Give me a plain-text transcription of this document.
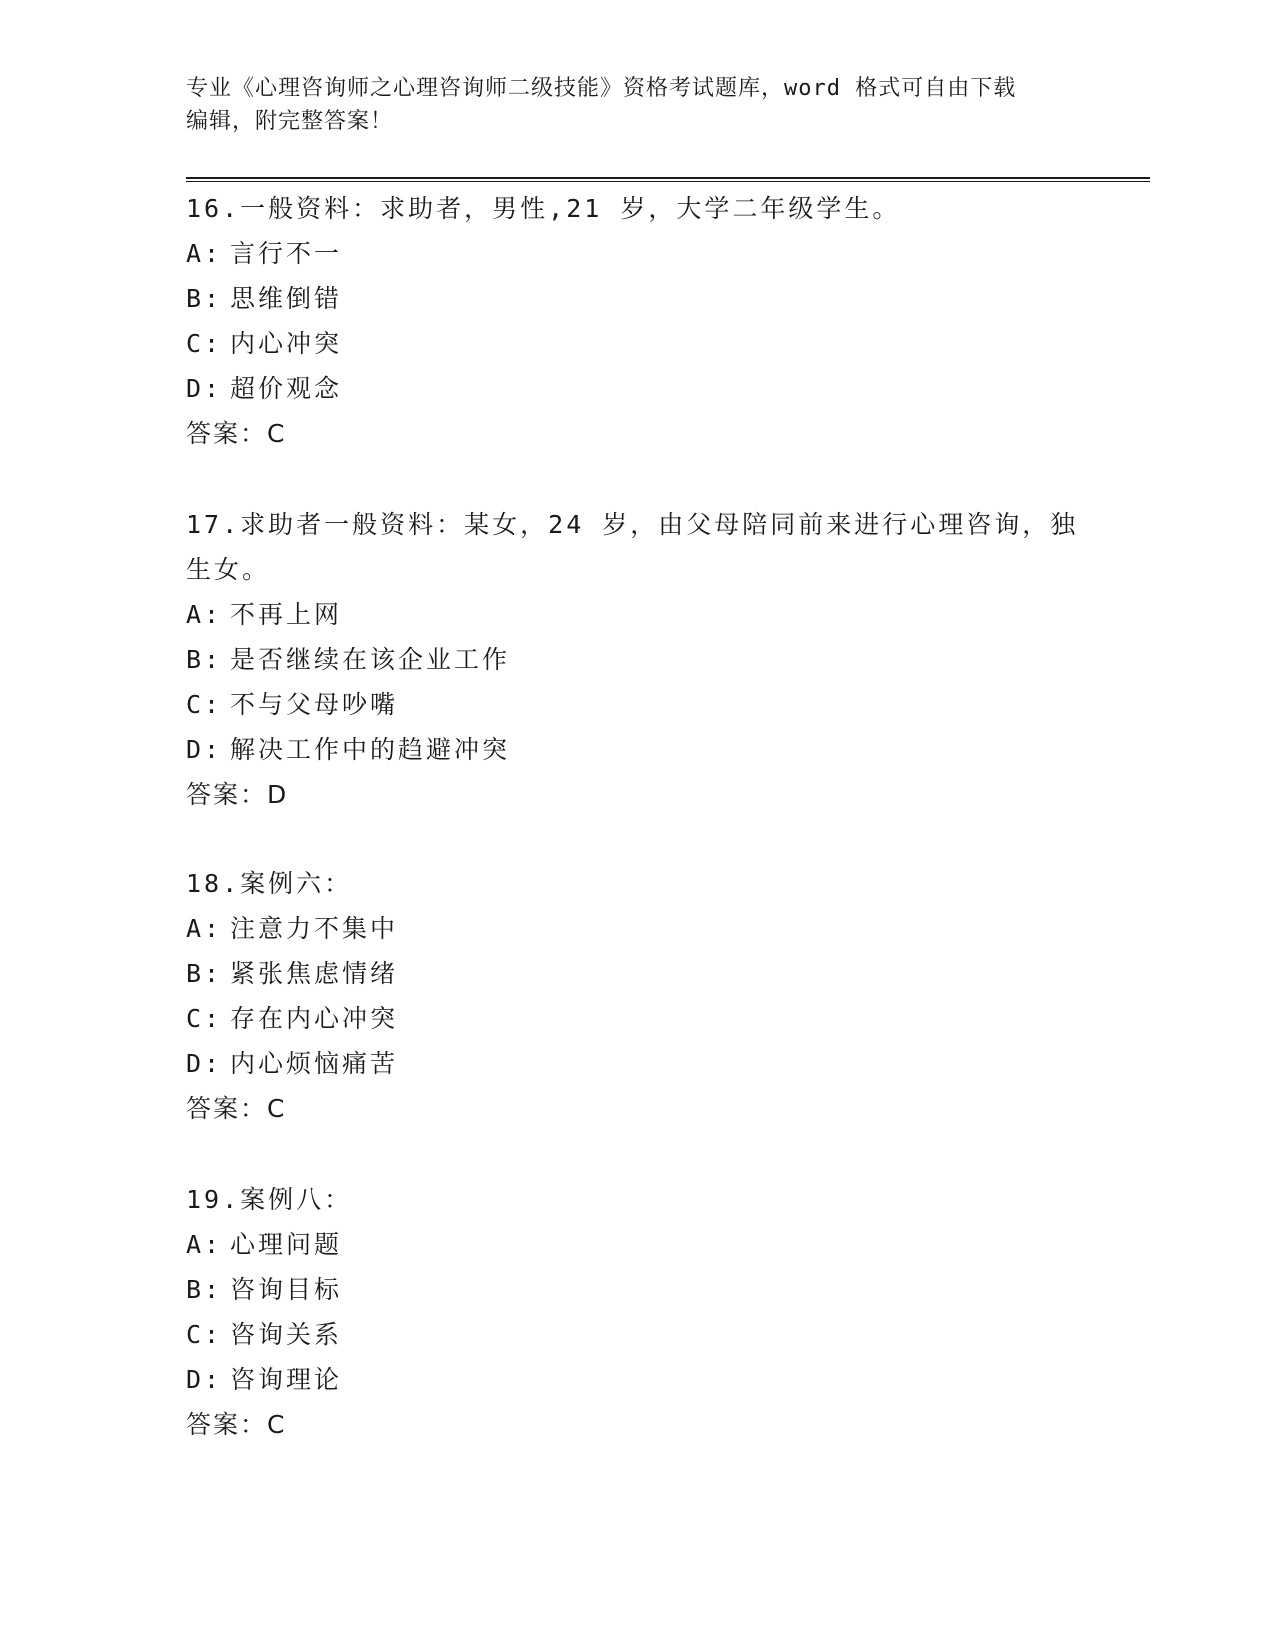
专业《心理咨询师之心理咨询师二级技能》资格考试题库，word 格式可自由下载
编辑，附完整答案！

16.一般资料：求助者，男性,21 岁，大学二年级学生。

A: 言行不一

B: 思维倒错

C: 内心冲突

D: 超价观念

答案：C

17.求助者一般资料：某女，24 岁，由父母陪同前来进行心理咨询，独

生女。

A: 不再上网

B: 是否继续在该企业工作

C: 不与父母吵嘴

D: 解决工作中的趋避冲突

答案：D

18.案例六：

A: 注意力不集中

B: 紧张焦虑情绪

C: 存在内心冲突

D: 内心烦恼痛苦

答案：C

19.案例八：

A: 心理问题

B: 咨询目标

C: 咨询关系

D: 咨询理论

答案：C
